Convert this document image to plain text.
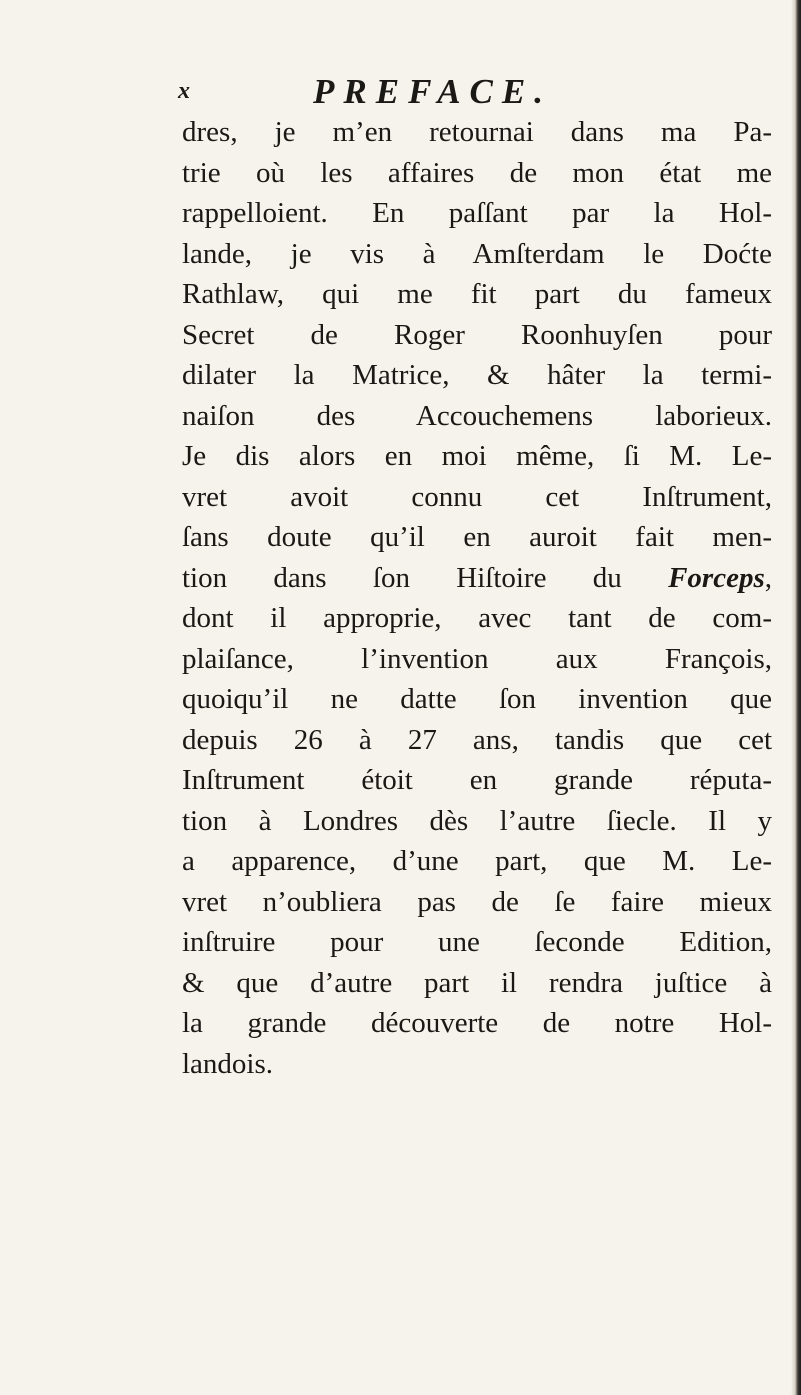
x	PREFACE.
dres, je m’en retournai dans ma Pa-
trie où les affaires de mon état me
rappelloient. En paſſant par la Hol-
lande, je vis à Amſterdam le Doćte
Rathlaw, qui me fit part du fameux
Secret de Roger Roonhuyſen pour
dilater la Matrice, & hâter la termi-
naiſon des Accouchemens laborieux.
Je dis alors en moi même, ſi M. Le-
vret avoit connu cet Inſtrument,
ſans doute qu’il en auroit fait men-
tion dans ſon Hiſtoire du Forceps,
dont il approprie, avec tant de com-
plaiſance, l’invention aux François,
quoiqu’il ne datte ſon invention que
depuis 26 à 27 ans, tandis que cet
Inſtrument étoit en grande réputa-
tion à Londres dès l’autre ſiecle. Il y
a apparence, d’une part, que M. Le-
vret n’oubliera pas de ſe faire mieux
inſtruire pour une ſeconde Edition,
& que d’autre part il rendra juſtice à
la grande découverte de notre Hol-
landois.
